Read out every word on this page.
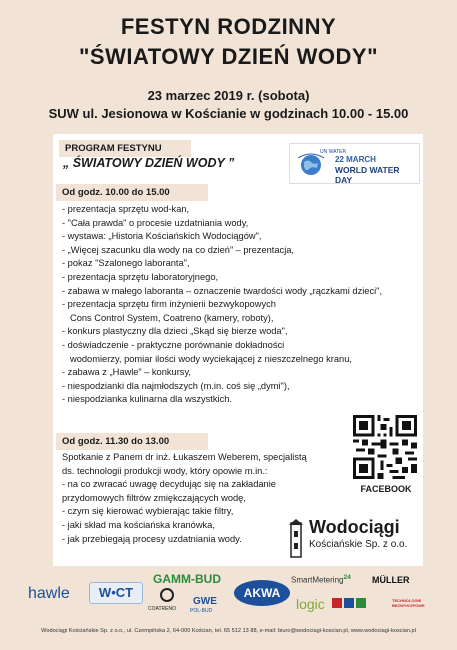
FESTYN RODZINNY
"ŚWIATOWY DZIEŃ WODY"
23 marzec 2019 r. (sobota)
SUW ul. Jesionowa w Kościanie w godzinach 10.00 - 15.00
PROGRAM FESTYNU
„ ŚWIATOWY DZIEŃ WODY ”
UN WATER
22 MARCH
WORLD WATER DAY
Od godz. 10.00 do 15.00
- prezentacja sprzętu wod-kan,
- "Cała prawda" o procesie uzdatniania wody,
- wystawa: „Historia Kościańskich Wodociągów",
- „Więcej szacunku dla wody na co dzień” – prezentacja,
- pokaz "Szalonego laboranta",
- prezentacja sprzętu laboratoryjnego,
- zabawa w małego laboranta – oznaczenie twardości wody „rączkami dzieci",
- prezentacja sprzętu firm inżynierii bezwykopowych
Cons Control System, Coatreno (kamery, roboty),
- konkurs plastyczny dla dzieci „Skąd się bierze woda",
- doświadczenie - praktyczne porównanie dokładności
wodomierzy, pomiar ilości wody wyciekającej z nieszczelnego kranu,
- zabawa z „Hawle” – konkursy,
- niespodzianki dla najmłodszych (m.in. coś się „dymi"),
- niespodzianka kulinarna dla wszystkich.
Od godz. 11.30 do 13.00
Spotkanie z Panem dr inż. Łukaszem Weberem, specjalistą
ds. technologii produkcji wody, który opowie m.in.:
- na co zwracać uwagę decydując się na zakładanie
przydomowych filtrów zmiękczających wodę,
- czym się kierować wybierając takie filtry,
- jaki skład ma kościańska kranówka,
- jak przebiegają procesy uzdatniania wody.
FACEBOOK
Wodociągi
Kościańskie Sp. z o.o.
hawle	W•CT
GAMM-BUD
COATRENO
GWE
POL-BUD
AKWA
SmartMetering$^{24}$ MÜLLER
logic	TECHNOLOGIE BEZWYKOPOWE
Wodociągi Kościańskie Sp. z o.o., ul. Czempińska 2, 64-000 Kościan, tel. 65 512 13 88, e-mail: biuro@wodociagi-koscian.pl, www.wodociagi-koscian.pl
